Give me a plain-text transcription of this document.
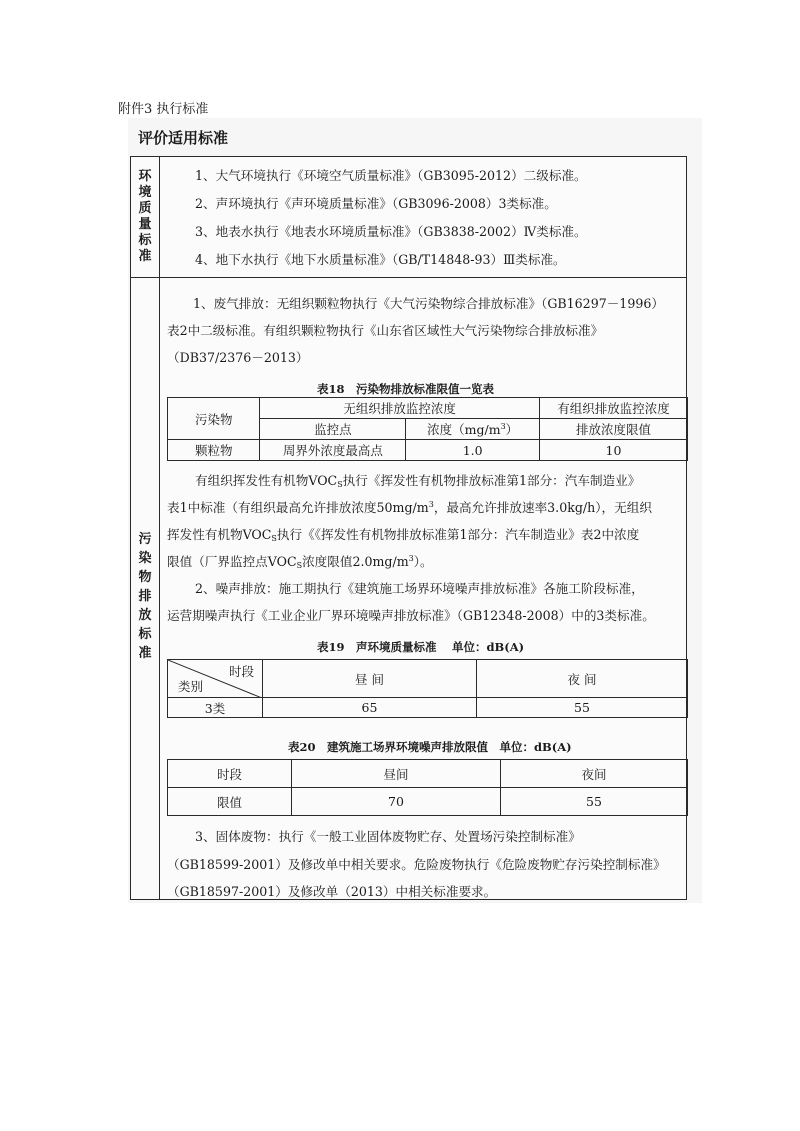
附件3 执行标准
评价适用标准
环
境
质
量
标
准
1、大气环境执行《环境空气质量标准》（GB3095-2012）二级标准。
2、声环境执行《声环境质量标准》（GB3096-2008）3类标准。
3、地表水执行《地表水环境质量标准》（GB3838-2002）Ⅳ类标准。
4、地下水执行《地下水质量标准》（GB/T14848-93）Ⅲ类标准。
污
染
物
排
放
标
准
1、废气排放：无组织颗粒物执行《大气污染物综合排放标准》（GB16297－1996）
表2中二级标准。有组织颗粒物执行《山东省区域性大气污染物综合排放标准》
（DB37/2376－2013）
表18　污染物排放标准限值一览表
污染物	无组织排放监控浓度		有组织排放监控浓度
	监控点	浓度$(mg/m^3)$	排放浓度限值
颗粒物	周界外浓度最高点	1.0	10
有组织挥发性有机物$VOC_S$执行《挥发性有机物排放标准第1部分：汽车制造业》
表1中标准（有组织最高允许排放浓度$50mg/m^3$，最高允许排放速率3.0kg/h），无组织
挥发性有机物$VOC_S$执行《《挥发性有机物排放标准第1部分：汽车制造业》表2中浓度
限值（厂界监控点$VOC_S$浓度限值$2.0mg/m^3$）。
2、噪声排放：施工期执行《建筑施工场界环境噪声排放标准》各施工阶段标准，
运营期噪声执行《工业企业厂界环境噪声排放标准》（GB12348-2008）中的3类标准。
表19　声环境质量标准　 单位：dB(A)
时段
类别	昼 间	夜 间
3类	65	55
表20　建筑施工场界环境噪声排放限值　单位：dB(A)
时段	昼间	夜间
限值	70	55
3、固体废物：执行《一般工业固体废物贮存、处置场污染控制标准》
（GB18599-2001）及修改单中相关要求。危险废物执行《危险废物贮存污染控制标准》
（GB18597-2001）及修改单（2013）中相关标准要求。
